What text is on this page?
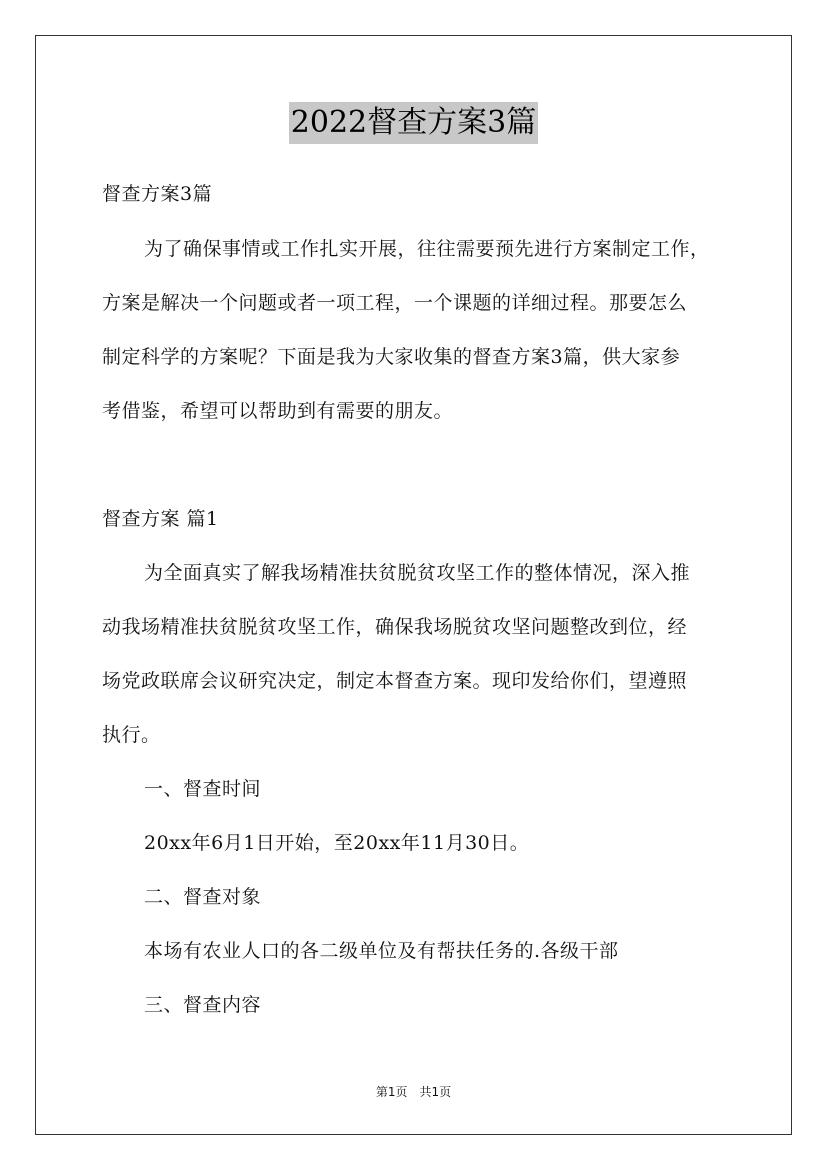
2022督查方案3篇

督查方案3篇

为了确保事情或工作扎实开展，往往需要预先进行方案制定工作，

方案是解决一个问题或者一项工程，一个课题的详细过程。那要怎么

制定科学的方案呢？下面是我为大家收集的督查方案3篇，供大家参

考借鉴，希望可以帮助到有需要的朋友。

督查方案 篇1

为全面真实了解我场精准扶贫脱贫攻坚工作的整体情况，深入推

动我场精准扶贫脱贫攻坚工作，确保我场脱贫攻坚问题整改到位，经

场党政联席会议研究决定，制定本督查方案。现印发给你们，望遵照

执行。

一、督查时间

20xx年6月1日开始，至20xx年11月30日。

二、督查对象

本场有农业人口的各二级单位及有帮扶任务的.各级干部

三、督查内容

第1页　共1页
